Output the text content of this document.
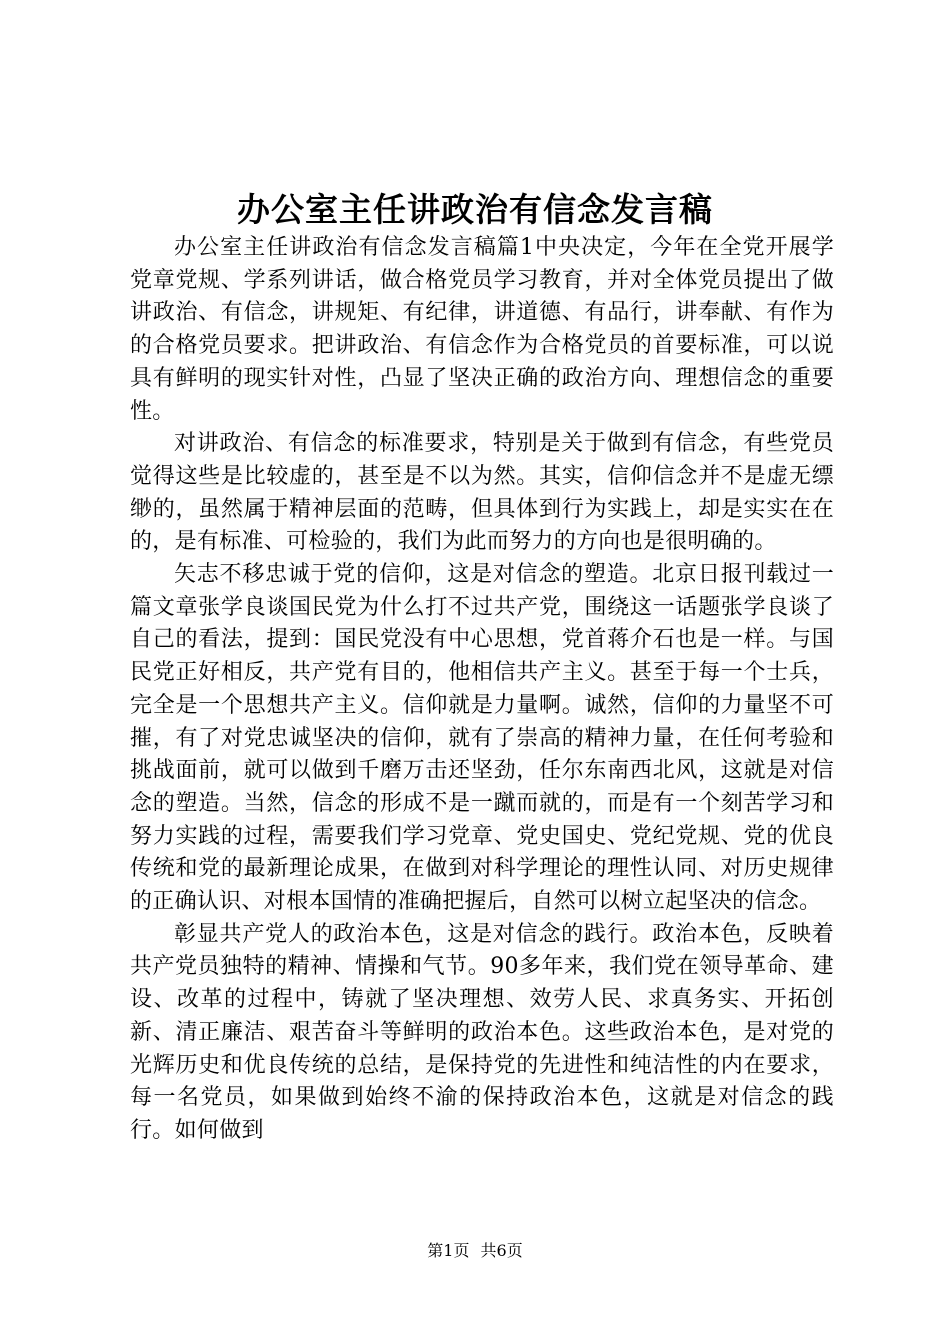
办公室主任讲政治有信念发言稿

办公室主任讲政治有信念发言稿篇1中央决定，今年在全党开展学党章党规、学系列讲话，做合格党员学习教育，并对全体党员提出了做讲政治、有信念，讲规矩、有纪律，讲道德、有品行，讲奉献、有作为的合格党员要求。把讲政治、有信念作为合格党员的首要标准，可以说具有鲜明的现实针对性，凸显了坚决正确的政治方向、理想信念的重要性。

对讲政治、有信念的标准要求，特别是关于做到有信念，有些党员觉得这些是比较虚的，甚至是不以为然。其实，信仰信念并不是虚无缥缈的，虽然属于精神层面的范畴，但具体到行为实践上，却是实实在在的，是有标准、可检验的，我们为此而努力的方向也是很明确的。

矢志不移忠诚于党的信仰，这是对信念的塑造。北京日报刊载过一篇文章张学良谈国民党为什么打不过共产党，围绕这一话题张学良谈了自己的看法，提到：国民党没有中心思想，党首蒋介石也是一样。与国民党正好相反，共产党有目的，他相信共产主义。甚至于每一个士兵，完全是一个思想共产主义。信仰就是力量啊。诚然，信仰的力量坚不可摧，有了对党忠诚坚决的信仰，就有了崇高的精神力量，在任何考验和挑战面前，就可以做到千磨万击还坚劲，任尔东南西北风，这就是对信念的塑造。当然，信念的形成不是一蹴而就的，而是有一个刻苦学习和努力实践的过程，需要我们学习党章、党史国史、党纪党规、党的优良传统和党的最新理论成果，在做到对科学理论的理性认同、对历史规律的正确认识、对根本国情的准确把握后，自然可以树立起坚决的信念。

彰显共产党人的政治本色，这是对信念的践行。政治本色，反映着共产党员独特的精神、情操和气节。90多年来，我们党在领导革命、建设、改革的过程中，铸就了坚决理想、效劳人民、求真务实、开拓创新、清正廉洁、艰苦奋斗等鲜明的政治本色。这些政治本色，是对党的光辉历史和优良传统的总结，是保持党的先进性和纯洁性的内在要求，每一名党员，如果做到始终不渝的保持政治本色，这就是对信念的践行。如何做到

第1页 共6页
